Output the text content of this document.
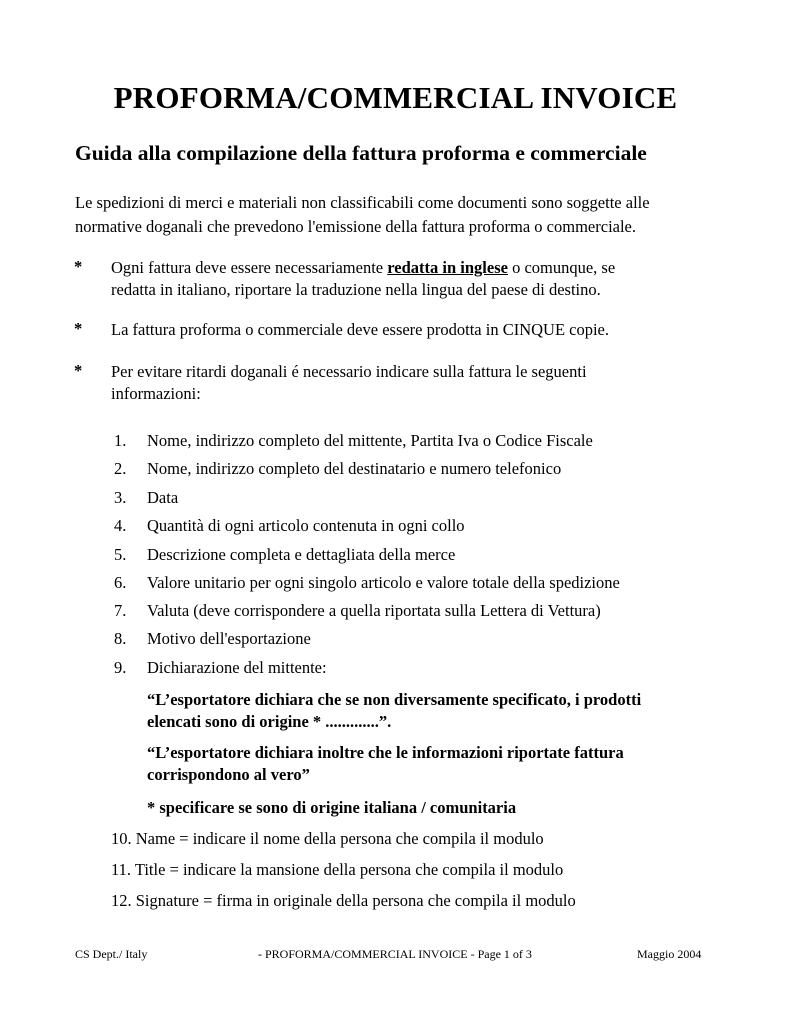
PROFORMA/COMMERCIAL INVOICE
Guida alla compilazione della fattura proforma e commerciale
Le spedizioni di merci e materiali non classificabili come documenti sono soggette alle
normative doganali che prevedono l'emissione della fattura proforma o commerciale.
* Ogni fattura deve essere necessariamente redatta in inglese o comunque, se
redatta in italiano, riportare la traduzione nella lingua del paese di destino.
* La fattura proforma o commerciale deve essere prodotta in CINQUE copie.
* Per evitare ritardi doganali é necessario indicare sulla fattura le seguenti
informazioni:
1. Nome, indirizzo completo del mittente, Partita Iva o Codice Fiscale
2. Nome, indirizzo completo del destinatario e numero telefonico
3. Data
4. Quantità di ogni articolo contenuta in ogni collo
5. Descrizione completa e dettagliata della merce
6. Valore unitario per ogni singolo articolo e valore totale della spedizione
7. Valuta (deve corrispondere a quella riportata sulla Lettera di Vettura)
8. Motivo dell'esportazione
9. Dichiarazione del mittente:
“L’esportatore dichiara che se non diversamente specificato, i prodotti
elencati sono di origine * .............”.
“L’esportatore dichiara inoltre che le informazioni riportate fattura
corrispondono al vero”
* specificare se sono di origine italiana / comunitaria
10. Name = indicare il nome della persona che compila il modulo
11. Title = indicare la mansione della persona che compila il modulo
12. Signature = firma in originale della persona che compila il modulo
CS Dept./ Italy	- PROFORMA/COMMERCIAL INVOICE - Page 1 of 3	Maggio 2004
